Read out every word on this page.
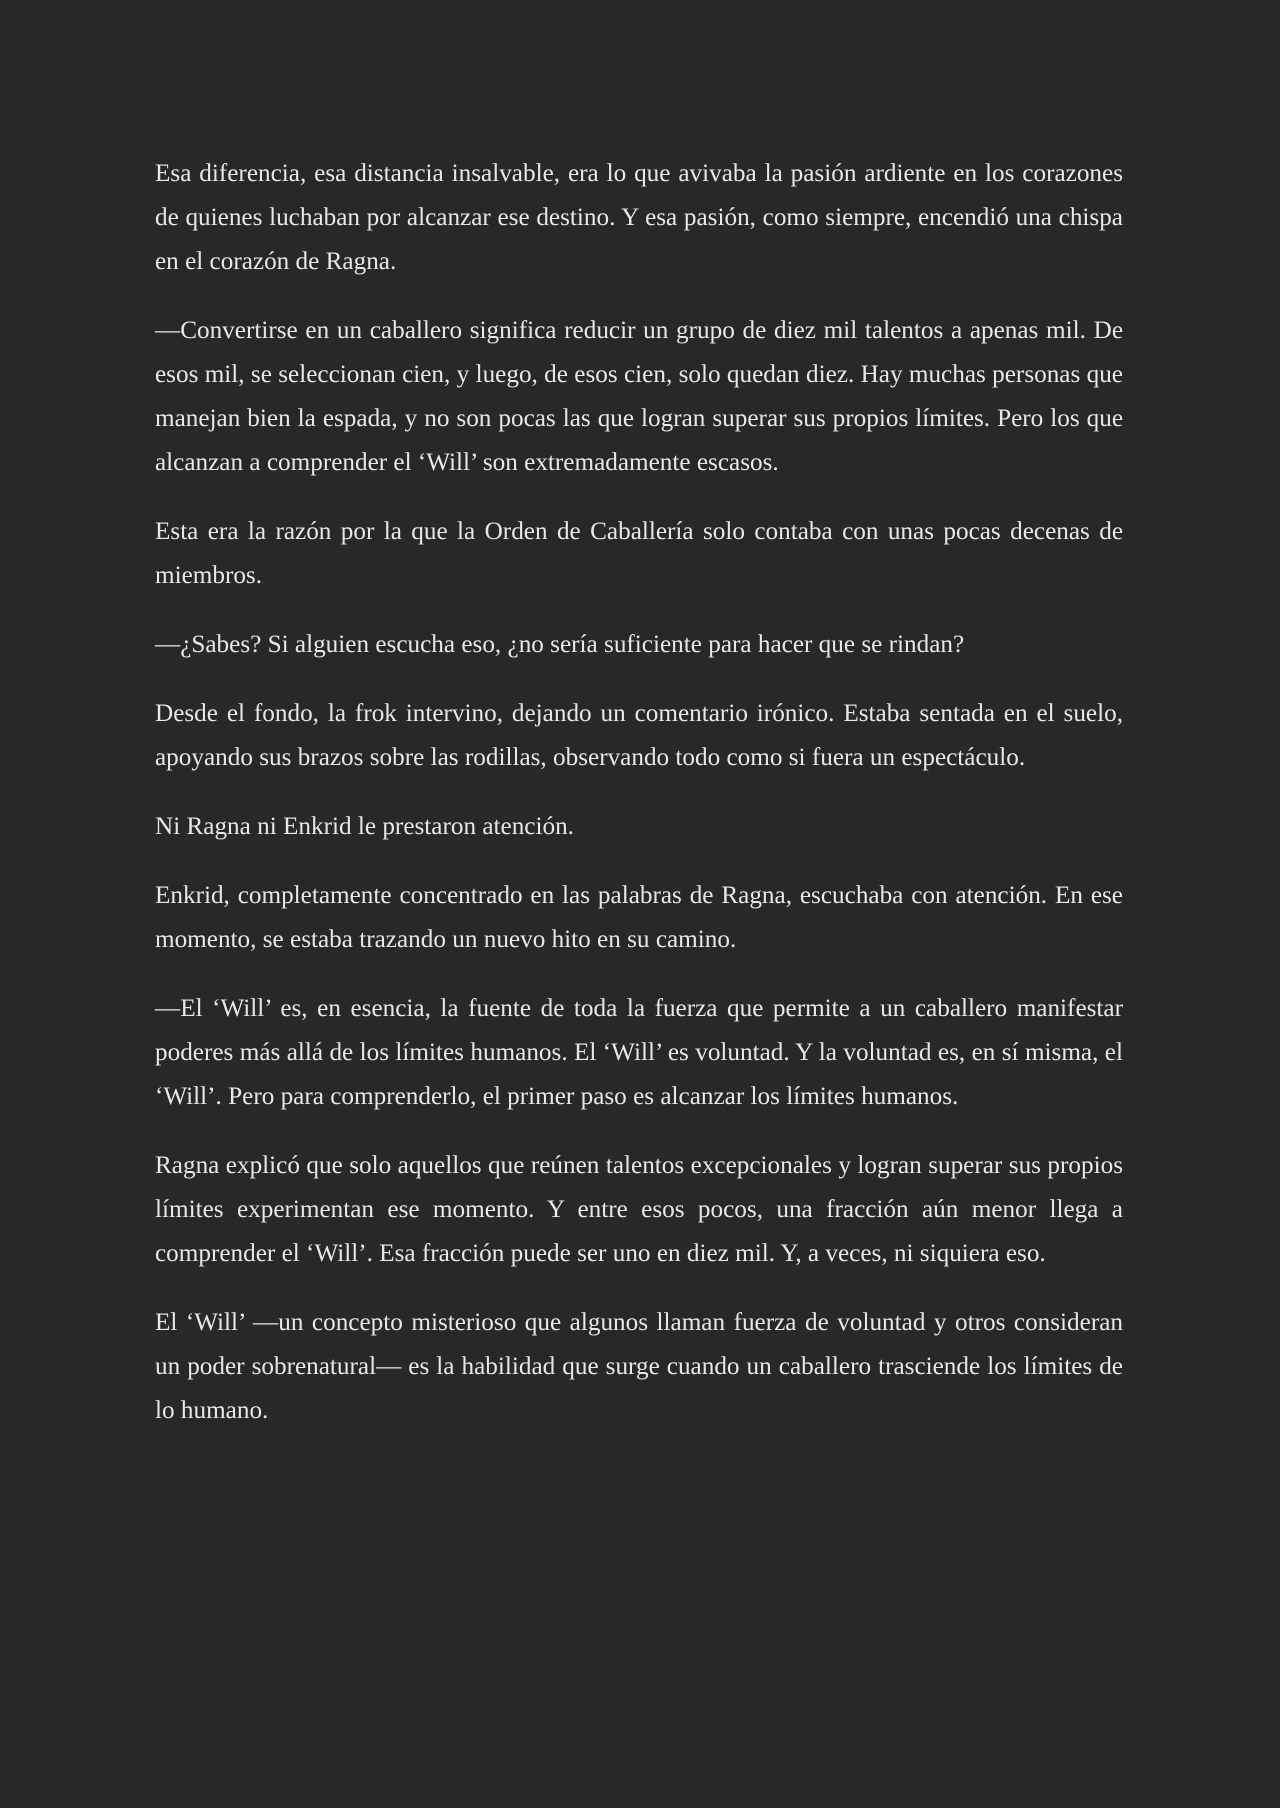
Esa diferencia, esa distancia insalvable, era lo que avivaba la pasión ardiente en los corazones de quienes luchaban por alcanzar ese destino. Y esa pasión, como siempre, encendió una chispa en el corazón de Ragna.

—Convertirse en un caballero significa reducir un grupo de diez mil talentos a apenas mil. De esos mil, se seleccionan cien, y luego, de esos cien, solo quedan diez. Hay muchas personas que manejan bien la espada, y no son pocas las que logran superar sus propios límites. Pero los que alcanzan a comprender el ‘Will’ son extremadamente escasos.

Esta era la razón por la que la Orden de Caballería solo contaba con unas pocas decenas de miembros.

—¿Sabes? Si alguien escucha eso, ¿no sería suficiente para hacer que se rindan?

Desde el fondo, la frok intervino, dejando un comentario irónico. Estaba sentada en el suelo, apoyando sus brazos sobre las rodillas, observando todo como si fuera un espectáculo.

Ni Ragna ni Enkrid le prestaron atención.

Enkrid, completamente concentrado en las palabras de Ragna, escuchaba con atención. En ese momento, se estaba trazando un nuevo hito en su camino.

—El ‘Will’ es, en esencia, la fuente de toda la fuerza que permite a un caballero manifestar poderes más allá de los límites humanos. El ‘Will’ es voluntad. Y la voluntad es, en sí misma, el ‘Will’. Pero para comprenderlo, el primer paso es alcanzar los límites humanos.

Ragna explicó que solo aquellos que reúnen talentos excepcionales y logran superar sus propios límites experimentan ese momento. Y entre esos pocos, una fracción aún menor llega a comprender el ‘Will’. Esa fracción puede ser uno en diez mil. Y, a veces, ni siquiera eso.

El ‘Will’ —un concepto misterioso que algunos llaman fuerza de voluntad y otros consideran un poder sobrenatural— es la habilidad que surge cuando un caballero trasciende los límites de lo humano.
